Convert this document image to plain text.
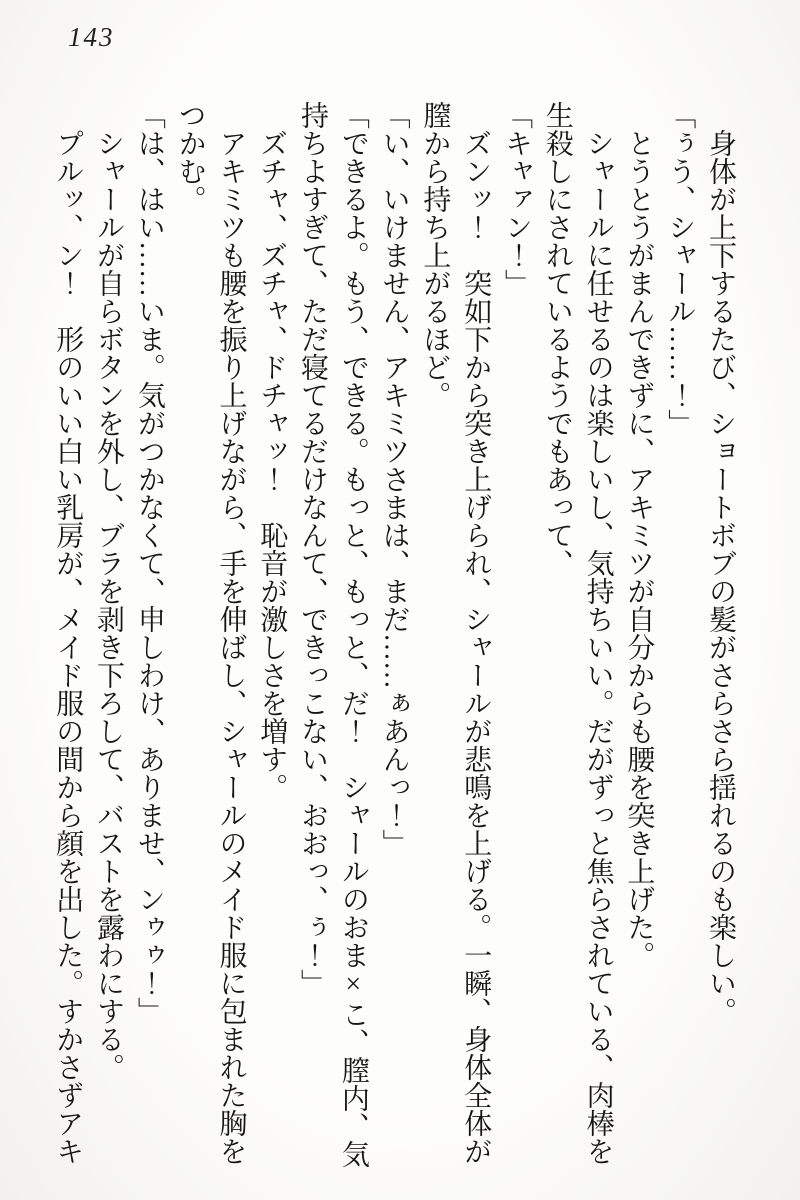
143

身体が上下するたび、ショートボブの髪がさらさら揺れるのも楽しい。

「ぅう、シャール……！」

とうとうがまんできずに、アキミツが自分からも腰を突き上げた。

シャールに任せるのは楽しいし、気持ちいい。だがずっと焦らされている、肉棒を

生殺しにされているようでもあって、

「キャァン！」

ズンッ！　突如下から突き上げられ、シャールが悲鳴を上げる。一瞬、身体全体が

膣から持ち上がるほど。

「い、いけません、アキミツさまは、まだ……ぁあんっ！」

「できるよ。もう、できる。もっと、もっと、だ！　シャールのおま×こ、膣内、気

持ちよすぎて、ただ寝てるだけなんて、できっこない、おおっ、ぅ！」

ズチャ、ズチャ、ドチャッ！　恥音が激しさを増す。

アキミツも腰を振り上げながら、手を伸ばし、シャールのメイド服に包まれた胸を

つかむ。

「は、はい……いま。気がつかなくて、申しわけ、ありませ、ンゥゥ！」

シャールが自らボタンを外し、ブラを剥き下ろして、バストを露わにする。

プルッ、ン！　形のいい白い乳房が、メイド服の間から顔を出した。すかさずアキ
